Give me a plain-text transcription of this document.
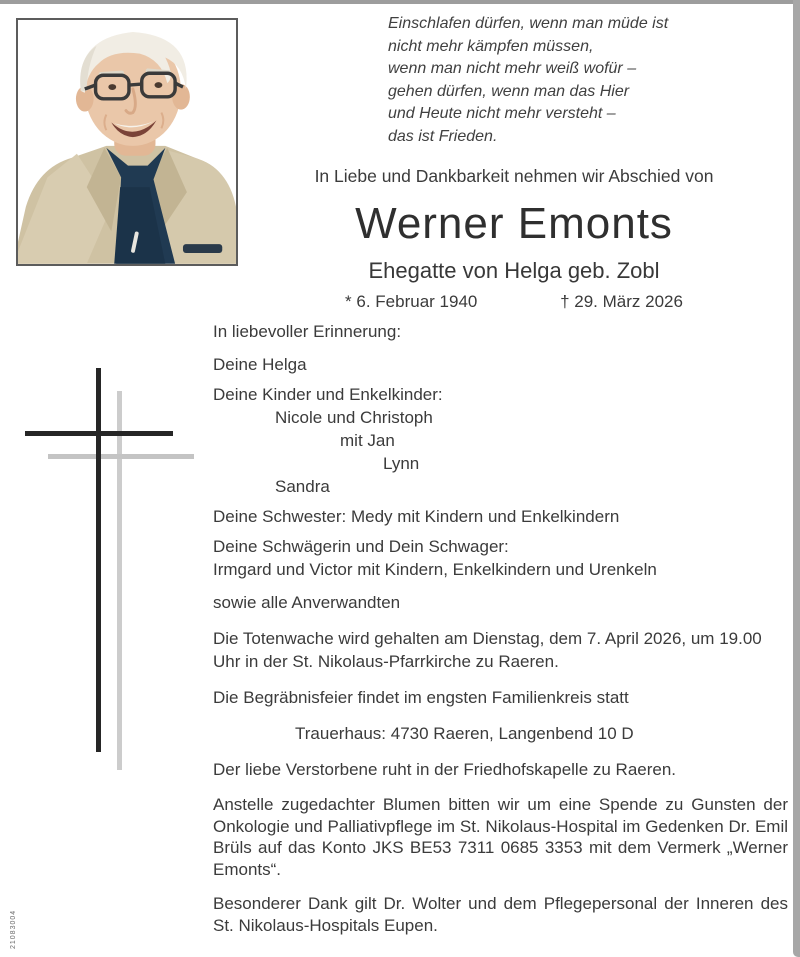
Einschlafen dürfen, wenn man müde ist
nicht mehr kämpfen müssen,
wenn man nicht mehr weiß wofür –
gehen dürfen, wenn man das Hier
und Heute nicht mehr versteht –
das ist Frieden.
In Liebe und Dankbarkeit nehmen wir Abschied von
Werner Emonts
Ehegatte von Helga geb. Zobl
* 6. Februar 1940	† 29. März 2026
In liebevoller Erinnerung:
Deine Helga
Deine Kinder und Enkelkinder:
Nicole und Christoph
mit Jan
Lynn
Sandra
Deine Schwester: Medy mit Kindern und Enkelkindern
Deine Schwägerin und Dein Schwager:
Irmgard und Victor mit Kindern, Enkelkindern und Urenkeln
sowie alle Anverwandten
Die Totenwache wird gehalten am Dienstag, dem 7. April 2026, um 19.00 Uhr in der St. Nikolaus-Pfarrkirche zu Raeren.
Die Begräbnisfeier findet im engsten Familienkreis statt
Trauerhaus: 4730 Raeren, Langenbend 10 D
Der liebe Verstorbene ruht in der Friedhofskapelle zu Raeren.
Anstelle zugedachter Blumen bitten wir um eine Spende zu Gunsten der Onkologie und Palliativpflege im St. Nikolaus-Hospital im Gedenken Dr. Emil Brüls auf das Konto JKS BE53 7311 0685 3353 mit dem Vermerk „Werner Emonts“.
Besonderer Dank gilt Dr. Wolter und dem Pflegepersonal der Inneren des St. Nikolaus-Hospitals Eupen.
21083004
